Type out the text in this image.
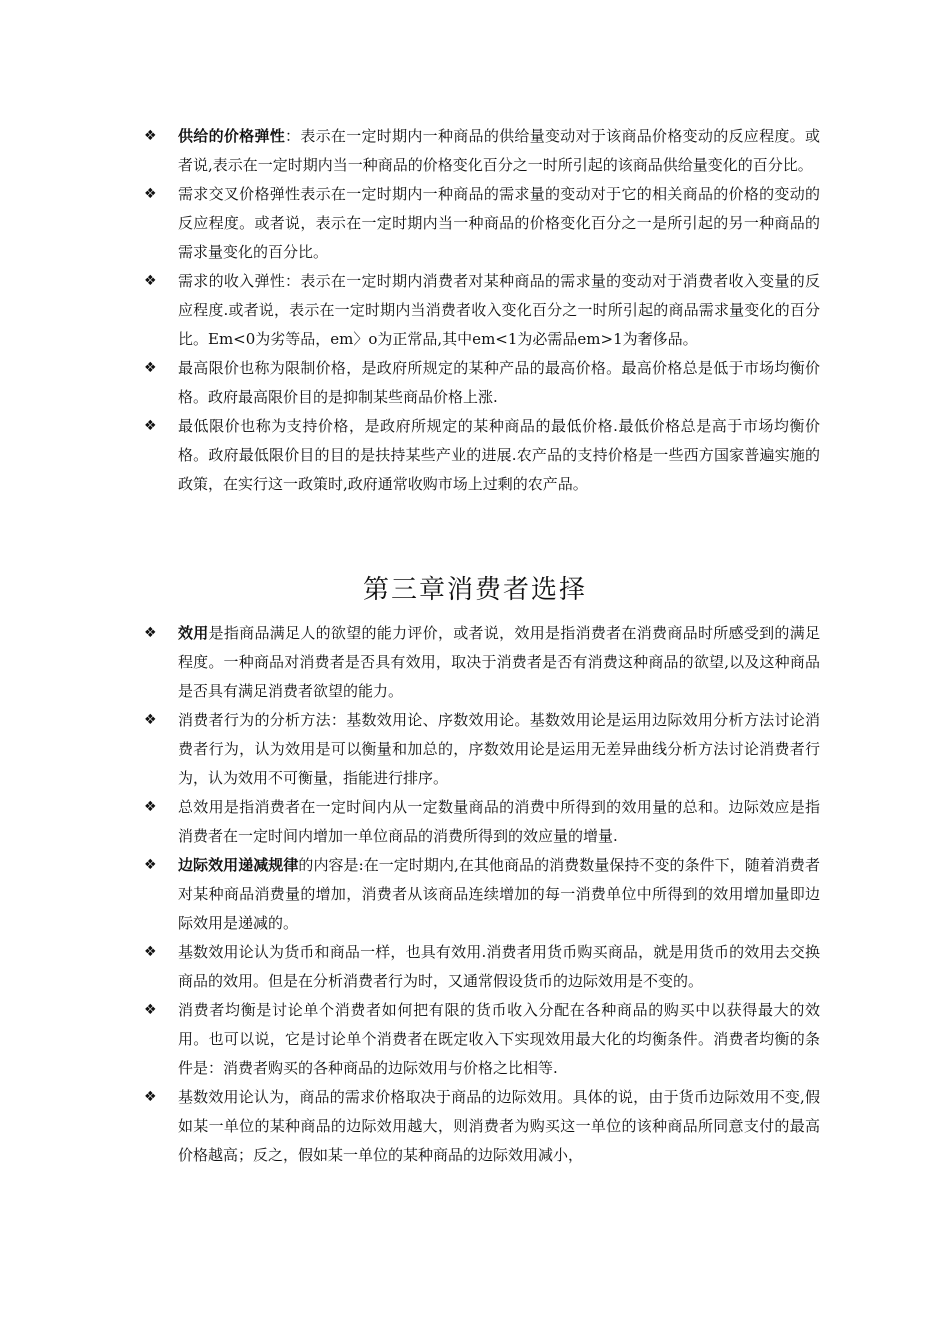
❖ 供给的价格弹性：表示在一定时期内一种商品的供给量变动对于该商品价格变动的反应程度。或者说,表示在一定时期内当一种商品的价格变化百分之一时所引起的该商品供给量变化的百分比。
❖ 需求交叉价格弹性表示在一定时期内一种商品的需求量的变动对于它的相关商品的价格的变动的反应程度。或者说，表示在一定时期内当一种商品的价格变化百分之一是所引起的另一种商品的需求量变化的百分比。
❖ 需求的收入弹性：表示在一定时期内消费者对某种商品的需求量的变动对于消费者收入变量的反应程度.或者说，表示在一定时期内当消费者收入变化百分之一时所引起的商品需求量变化的百分比。Em<0为劣等品，em〉o为正常品,其中em<1为必需品em>1为奢侈品。
❖ 最高限价也称为限制价格，是政府所规定的某种产品的最高价格。最高价格总是低于市场均衡价格。政府最高限价目的是抑制某些商品价格上涨.
❖ 最低限价也称为支持价格，是政府所规定的某种商品的最低价格.最低价格总是高于市场均衡价格。政府最低限价目的目的是扶持某些产业的进展.农产品的支持价格是一些西方国家普遍实施的政策，在实行这一政策时,政府通常收购市场上过剩的农产品。
第三章消费者选择
❖ 效用是指商品满足人的欲望的能力评价，或者说，效用是指消费者在消费商品时所感受到的满足程度。一种商品对消费者是否具有效用，取决于消费者是否有消费这种商品的欲望,以及这种商品是否具有满足消费者欲望的能力。
❖ 消费者行为的分析方法：基数效用论、序数效用论。基数效用论是运用边际效用分析方法讨论消费者行为，认为效用是可以衡量和加总的，序数效用论是运用无差异曲线分析方法讨论消费者行为，认为效用不可衡量，指能进行排序。
❖ 总效用是指消费者在一定时间内从一定数量商品的消费中所得到的效用量的总和。边际效应是指消费者在一定时间内增加一单位商品的消费所得到的效应量的增量.
❖ 边际效用递减规律的内容是:在一定时期内,在其他商品的消费数量保持不变的条件下，随着消费者对某种商品消费量的增加，消费者从该商品连续增加的每一消费单位中所得到的效用增加量即边际效用是递减的。
❖ 基数效用论认为货币和商品一样，也具有效用.消费者用货币购买商品，就是用货币的效用去交换商品的效用。但是在分析消费者行为时，又通常假设货币的边际效用是不变的。
❖ 消费者均衡是讨论单个消费者如何把有限的货币收入分配在各种商品的购买中以获得最大的效用。也可以说，它是讨论单个消费者在既定收入下实现效用最大化的均衡条件。消费者均衡的条件是：消费者购买的各种商品的边际效用与价格之比相等.
❖ 基数效用论认为，商品的需求价格取决于商品的边际效用。具体的说，由于货币边际效用不变,假如某一单位的某种商品的边际效用越大，则消费者为购买这一单位的该种商品所同意支付的最高价格越高；反之，假如某一单位的某种商品的边际效用减小，
